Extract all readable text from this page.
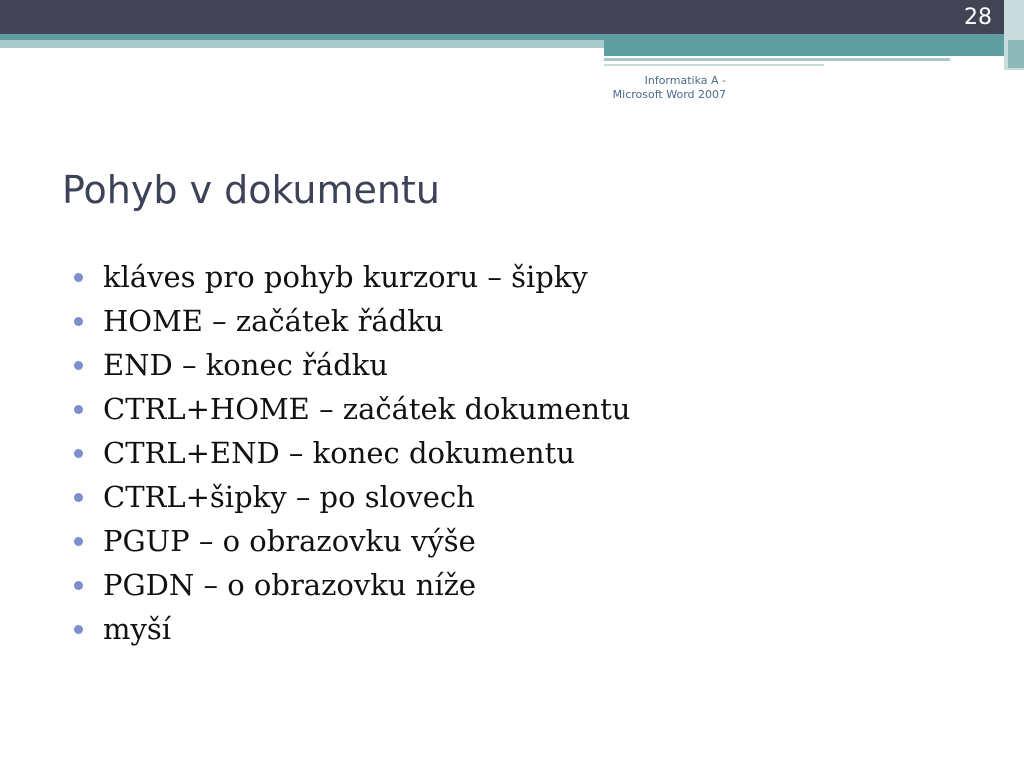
28
Informatika A -
Microsoft Word 2007
Pohyb v dokumentu
kláves pro pohyb kurzoru – šipky
HOME – začátek řádku
END – konec řádku
CTRL+HOME – začátek dokumentu
CTRL+END – konec dokumentu
CTRL+šipky – po slovech
PGUP – o obrazovku výše
PGDN – o obrazovku níže
myší
